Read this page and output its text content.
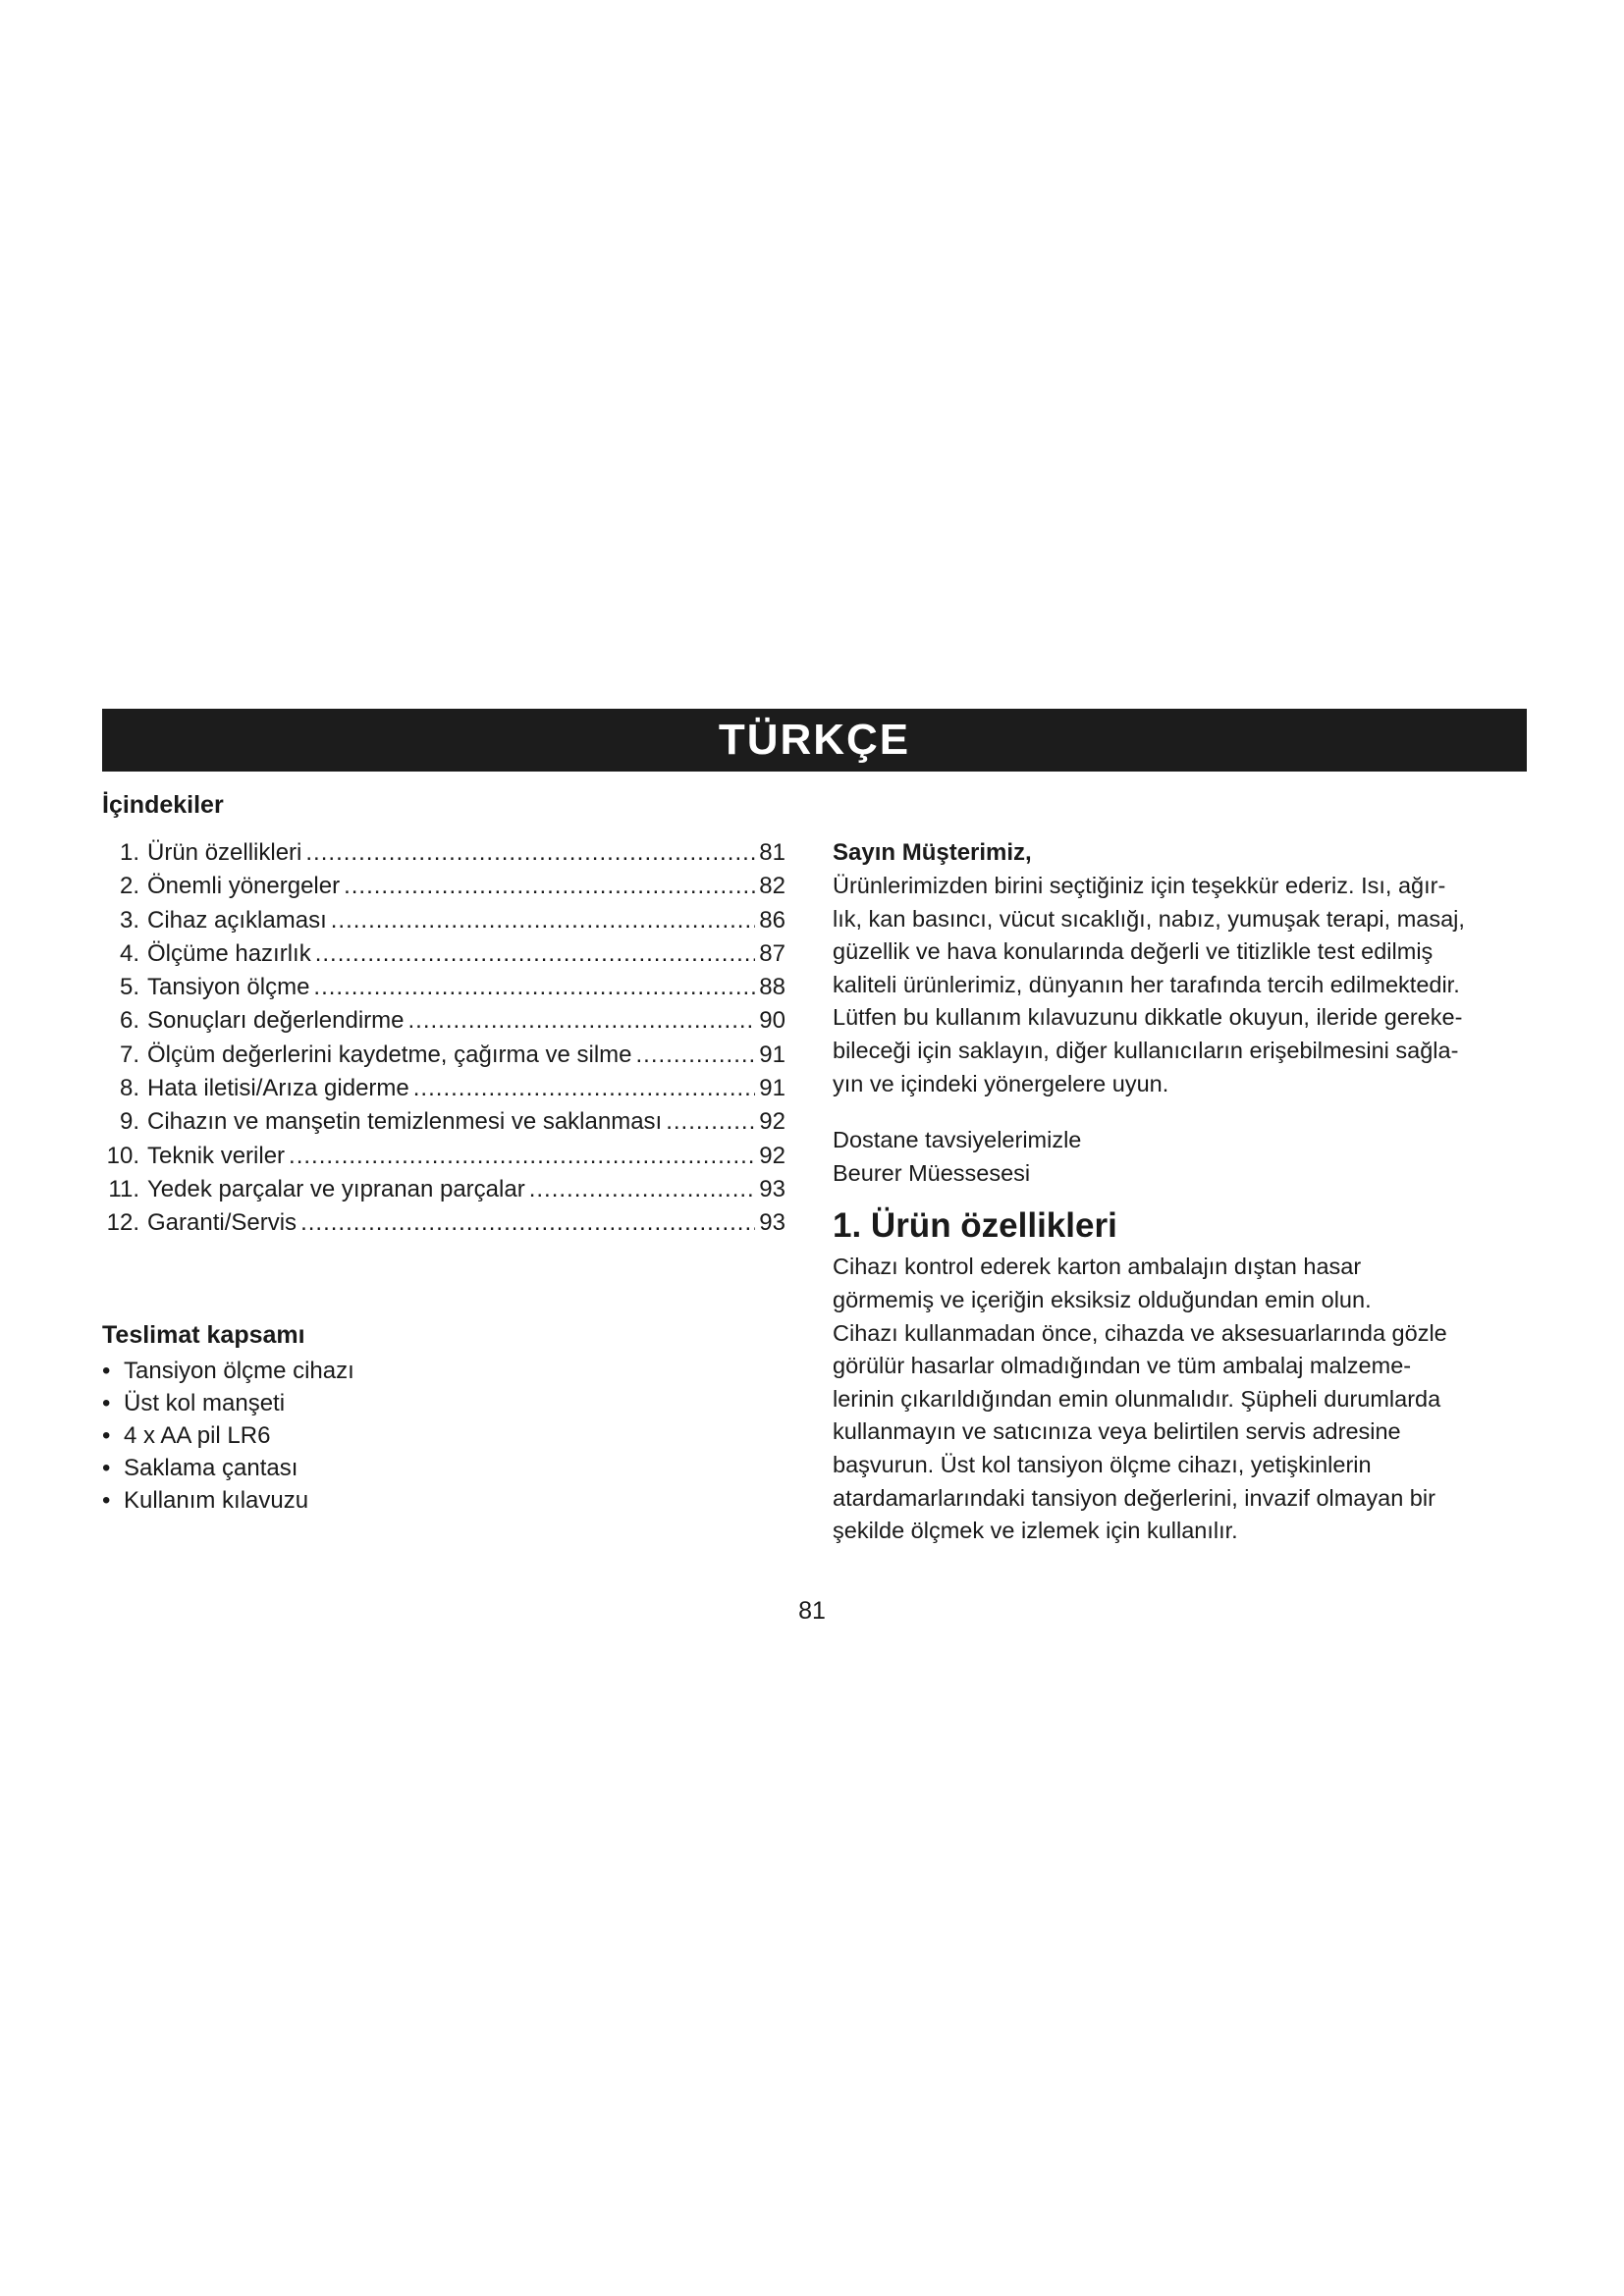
TÜRKÇE
İçindekiler
1. Ürün özellikleri .....	81
2. Önemli yönergeler .....	82
3. Cihaz açıklaması .....	86
4. Ölçüme hazırlık .....	87
5. Tansiyon ölçme .....	88
6. Sonuçları değerlendirme .....	90
7. Ölçüm değerlerini kaydetme, çağırma ve silme .....	91
8. Hata iletisi/Arıza giderme .....	91
9. Cihazın ve manşetin temizlenmesi ve saklanması .....	92
10. Teknik veriler .....	92
11. Yedek parçalar ve yıpranan parçalar .....	93
12. Garanti/Servis .....	93
Teslimat kapsamı
• Tansiyon ölçme cihazı
• Üst kol manşeti
• 4 x AA pil LR6
• Saklama çantası
• Kullanım kılavuzu

Sayın Müşterimiz,

Ürünlerimizden birini seçtiğiniz için teşekkür ederiz. Isı, ağır-
lık, kan basıncı, vücut sıcaklığı, nabız, yumuşak terapi, masaj,
güzellik ve hava konularında değerli ve titizlikle test edilmiş
kaliteli ürünlerimiz, dünyanın her tarafında tercih edilmektedir.
Lütfen bu kullanım kılavuzunu dikkatle okuyun, ileride gereke-
bileceği için saklayın, diğer kullanıcıların erişebilmesini sağla-
yın ve içindeki yönergelere uyun.
Dostane tavsiyelerimizle
Beurer Müessesesi
1. Ürün özellikleri
Cihazı kontrol ederek karton ambalajın dıştan hasar
görmemiş ve içeriğin eksiksiz olduğundan emin olun.
Cihazı kullanmadan önce, cihazda ve aksesuarlarında gözle
görülür hasarlar olmadığından ve tüm ambalaj malzeme-
lerinin çıkarıldığından emin olunmalıdır. Şüpheli durumlarda
kullanmayın ve satıcınıza veya belirtilen servis adresine
başvurun. Üst kol tansiyon ölçme cihazı, yetişkinlerin
atardamarlarındaki tansiyon değerlerini, invazif olmayan bir
şekilde ölçmek ve izlemek için kullanılır.
81
